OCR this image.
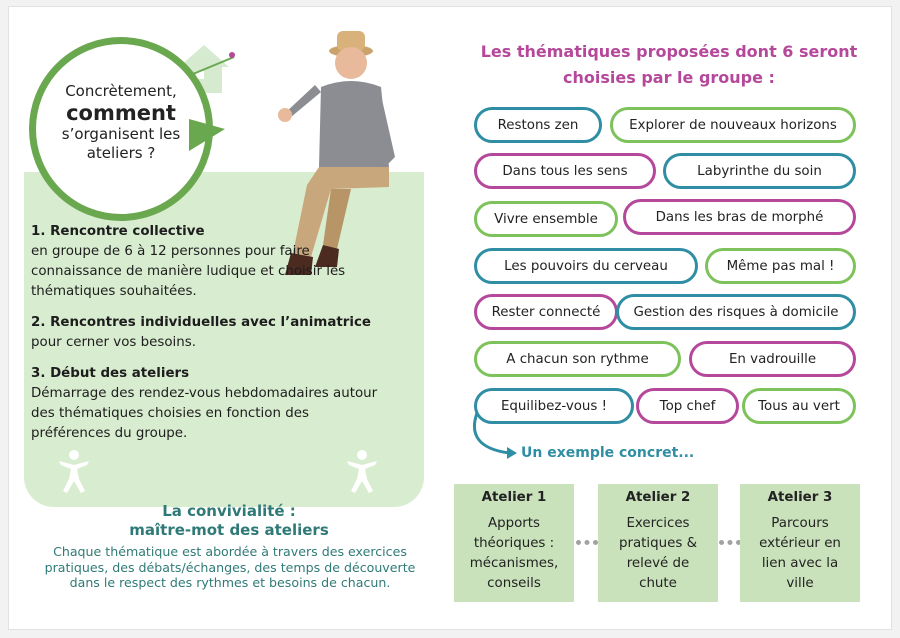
Concrètement,
comment
s’organisent les
ateliers ?
1. Rencontre collective
en groupe de 6 à 12 personnes pour faire connaissance de manière ludique et choisir les thématiques souhaitées.
2. Rencontres individuelles avec l’animatrice
pour cerner vos besoins.
3. Début des ateliers
Démarrage des rendez-vous hebdomadaires autour des thématiques choisies en fonction des préférences du groupe.
La convivialité :
maître-mot des ateliers
Chaque thématique est abordée à travers des exercices pratiques, des débats/échanges, des temps de découverte dans le respect des rythmes et besoins de chacun.
Les thématiques proposées dont 6 seront
choisies par le groupe :
Restons zen	Explorer de nouveaux horizons
Dans tous les sens	Labyrinthe du soin
Vivre ensemble	Dans les bras de morphé
Les pouvoirs du cerveau	Même pas mal !
Rester connecté	Gestion des risques à domicile
A chacun son rythme	En vadrouille
Equilibez-vous !	Top chef	Tous au vert
Un exemple concret...
Atelier 1
Apports théoriques : mécanismes, conseils
Atelier 2
Exercices pratiques & relevé de chute
Atelier 3
Parcours extérieur en lien avec la ville
